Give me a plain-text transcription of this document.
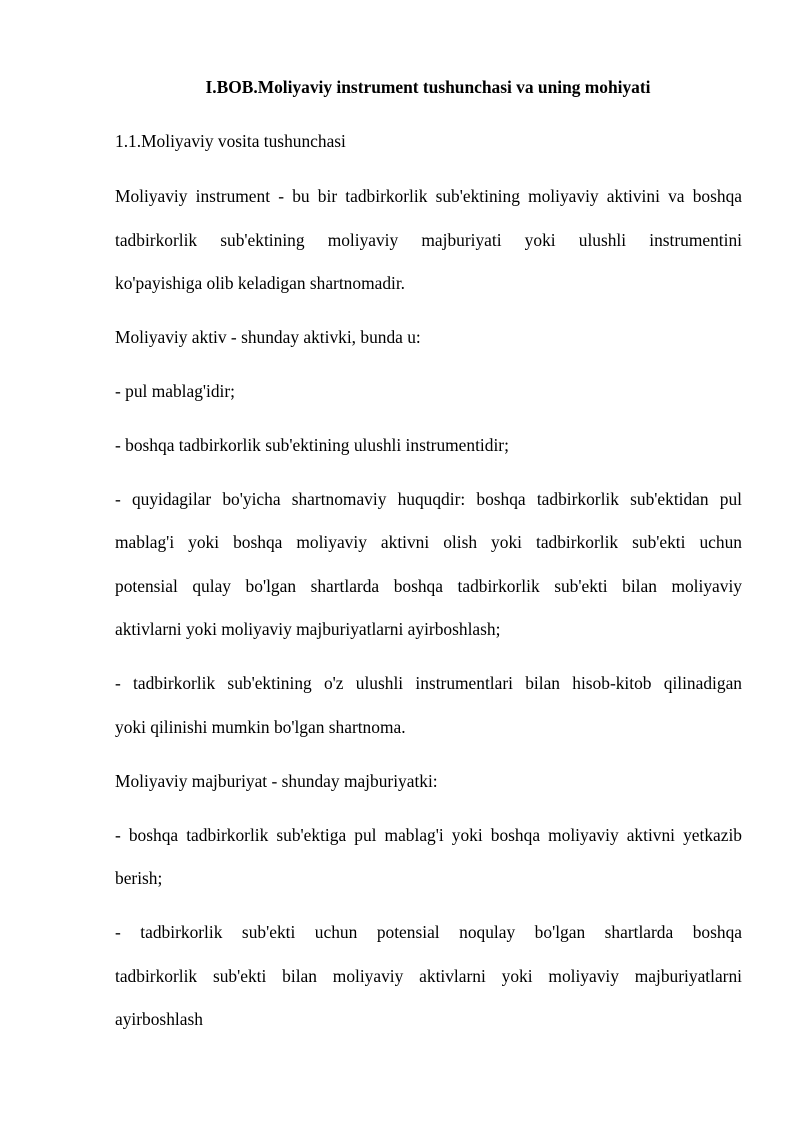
I.BOB.Moliyaviy instrument tushunchasi va uning mohiyati

1.1.Moliyaviy vosita tushunchasi

Moliyaviy instrument - bu bir tadbirkorlik sub'ektining moliyaviy aktivini va boshqa

tadbirkorlik sub'ektining moliyaviy majburiyati yoki ulushli instrumentini

ko'payishiga olib keladigan shartnomadir.

Moliyaviy aktiv - shunday aktivki, bunda u:

- pul mablag'idir;

- boshqa tadbirkorlik sub'ektining ulushli instrumentidir;

- quyidagilar bo'yicha shartnomaviy huquqdir: boshqa tadbirkorlik sub'ektidan pul

mablag'i yoki boshqa moliyaviy aktivni olish yoki tadbirkorlik sub'ekti uchun

potensial qulay bo'lgan shartlarda boshqa tadbirkorlik sub'ekti bilan moliyaviy

aktivlarni yoki moliyaviy majburiyatlarni ayirboshlash;

- tadbirkorlik sub'ektining o'z ulushli instrumentlari bilan hisob-kitob qilinadigan

yoki qilinishi mumkin bo'lgan shartnoma.

Moliyaviy majburiyat - shunday majburiyatki:

- boshqa tadbirkorlik sub'ektiga pul mablag'i yoki boshqa moliyaviy aktivni yetkazib

berish;

- tadbirkorlik sub'ekti uchun potensial noqulay bo'lgan shartlarda boshqa

tadbirkorlik sub'ekti bilan moliyaviy aktivlarni yoki moliyaviy majburiyatlarni

ayirboshlash
